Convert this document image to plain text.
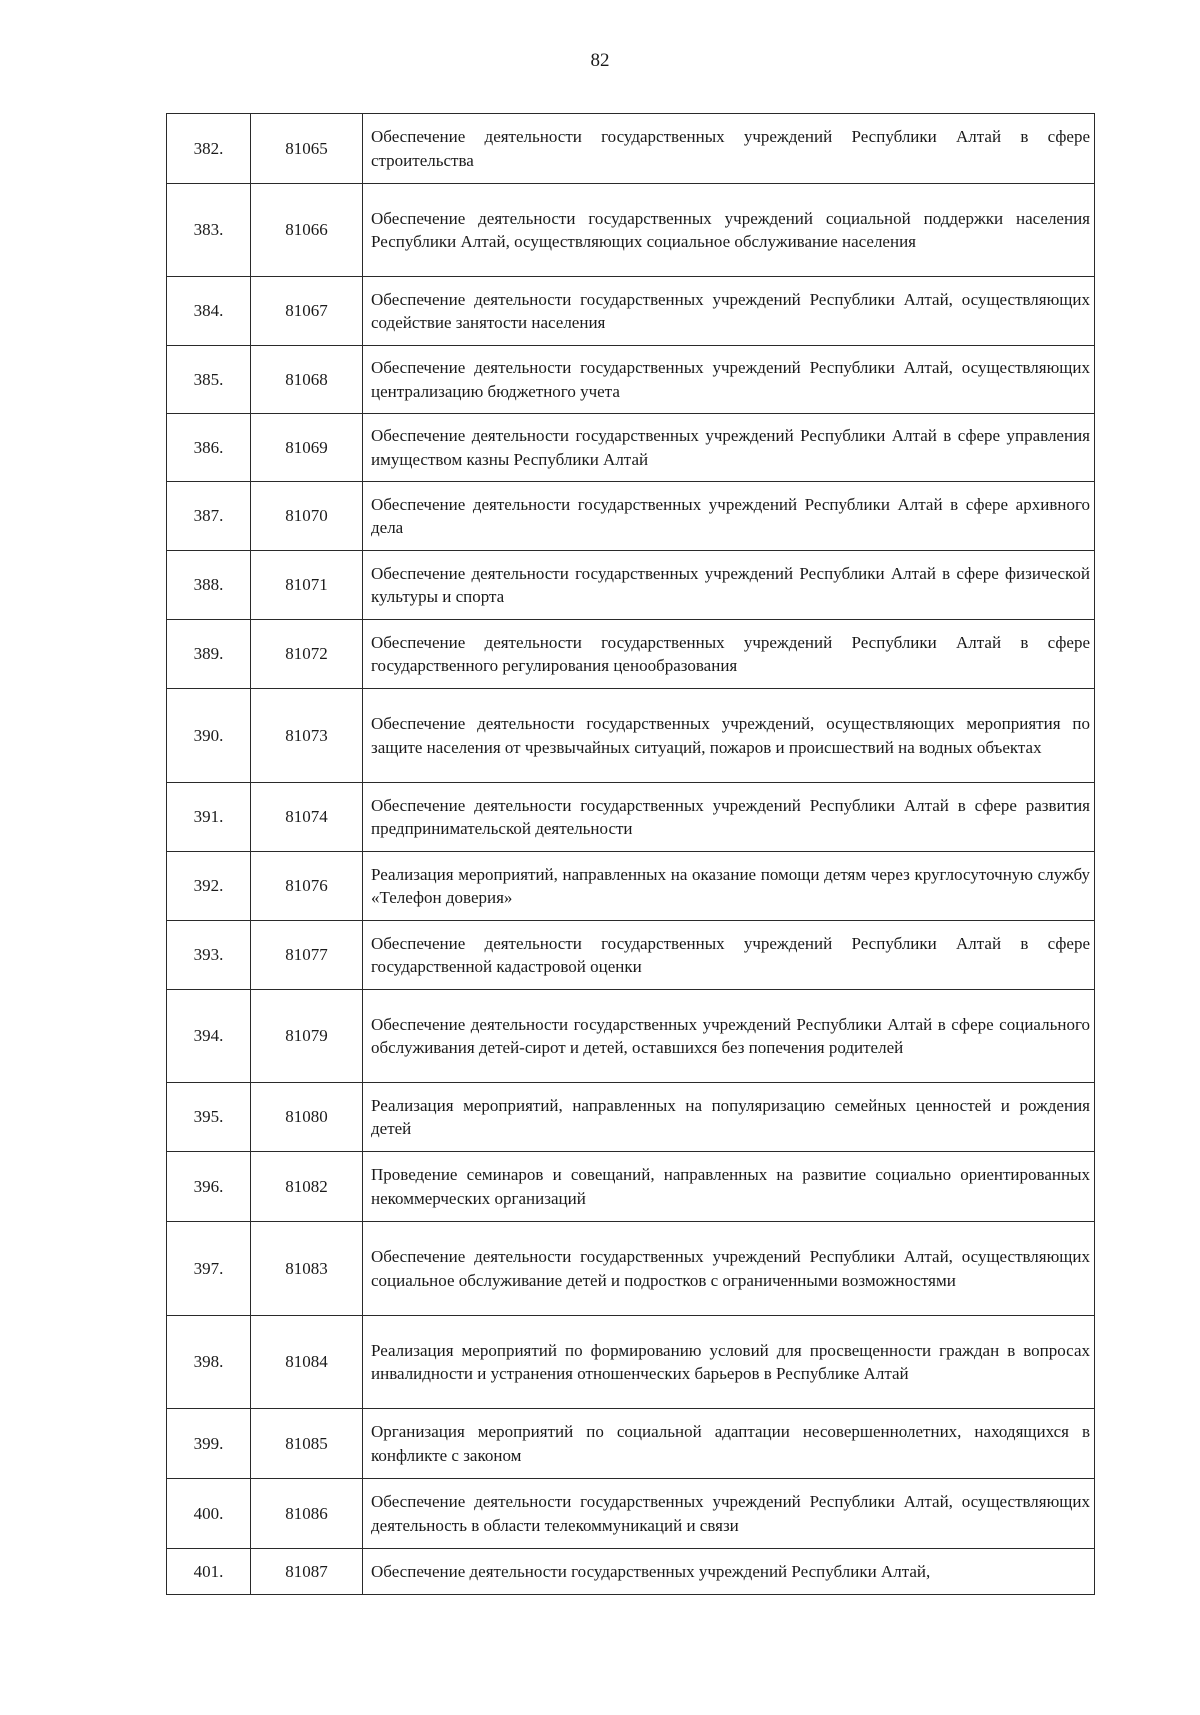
82
382.	81065	Обеспечение деятельности государственных учреждений Республики Алтай в сфере строительства
383.	81066	Обеспечение деятельности государственных учреждений социальной поддержки населения Республики Алтай, осуществляющих социальное обслуживание населения
384.	81067	Обеспечение деятельности государственных учреждений Республики Алтай, осуществляющих содействие занятости населения
385.	81068	Обеспечение деятельности государственных учреждений Республики Алтай, осуществляющих централизацию бюджетного учета
386.	81069	Обеспечение деятельности государственных учреждений Республики Алтай в сфере управления имуществом казны Республики Алтай
387.	81070	Обеспечение деятельности государственных учреждений Республики Алтай в сфере архивного дела
388.	81071	Обеспечение деятельности государственных учреждений Республики Алтай в сфере физической культуры и спорта
389.	81072	Обеспечение деятельности государственных учреждений Республики Алтай в сфере государственного регулирования ценообразования
390.	81073	Обеспечение деятельности государственных учреждений, осуществляющих мероприятия по защите населения от чрезвычайных ситуаций, пожаров и происшествий на водных объектах
391.	81074	Обеспечение деятельности государственных учреждений Республики Алтай в сфере развития предпринимательской деятельности
392.	81076	Реализация мероприятий, направленных на оказание помощи детям через круглосуточную службу «Телефон доверия»
393.	81077	Обеспечение деятельности государственных учреждений Республики Алтай в сфере государственной кадастровой оценки
394.	81079	Обеспечение деятельности государственных учреждений Республики Алтай в сфере социального обслуживания детей-сирот и детей, оставшихся без попечения родителей
395.	81080	Реализация мероприятий, направленных на популяризацию семейных ценностей и рождения детей
396.	81082	Проведение семинаров и совещаний, направленных на развитие социально ориентированных некоммерческих организаций
397.	81083	Обеспечение деятельности государственных учреждений Республики Алтай, осуществляющих социальное обслуживание детей и подростков с ограниченными возможностями
398.	81084	Реализация мероприятий по формированию условий для просвещенности граждан в вопросах инвалидности и устранения отношенческих барьеров в Республике Алтай
399.	81085	Организация мероприятий по социальной адаптации несовершеннолетних, находящихся в конфликте с законом
400.	81086	Обеспечение деятельности государственных учреждений Республики Алтай, осуществляющих деятельность в области телекоммуникаций и связи
401.	81087	Обеспечение деятельности государственных учреждений Республики Алтай,
